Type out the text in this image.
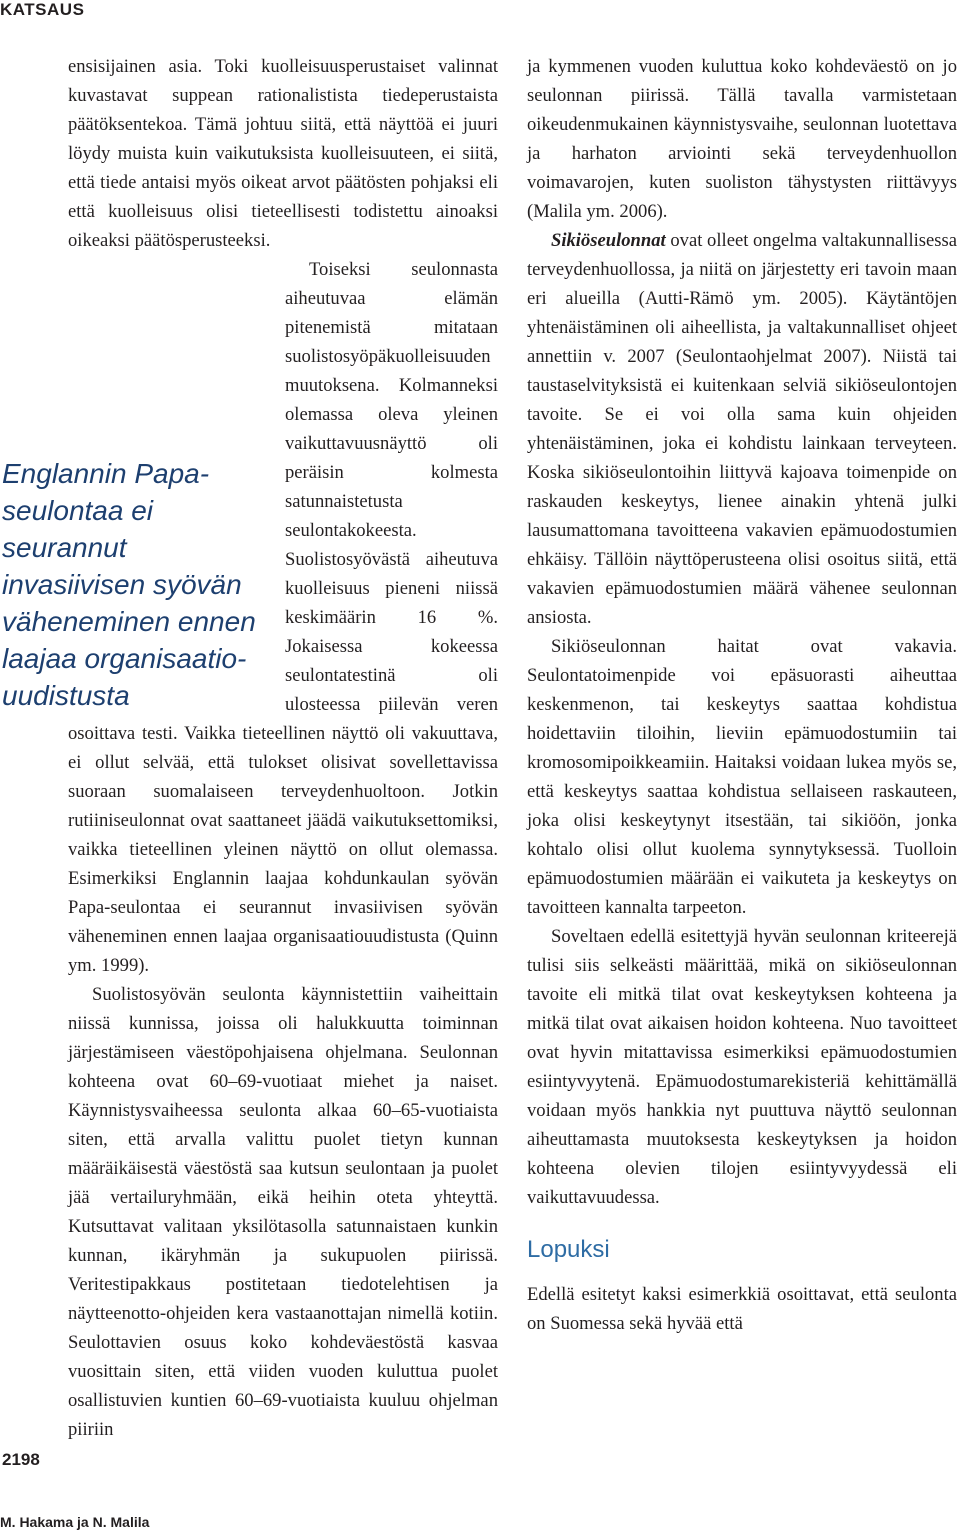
KATSAUS

ensisijainen asia. Toki kuolleisuusperustaiset valinnat kuvastavat suppean rationalistista tiedeperustaista päätöksentekoa. Tämä johtuu siitä, että näyttöä ei juuri löydy muista kuin vaikutuksista kuolleisuuteen, ei siitä, että tiede antaisi myös oikeat arvot päätösten pohjaksi eli että kuolleisuus olisi tieteellisesti todistettu ainoaksi oikeaksi päätösperusteeksi.

Toiseksi seulonnasta aiheutuvaa elämän pitenemistä mitataan suolistosyöpäkuolleisuuden muutoksena. Kolmanneksi olemassa oleva yleinen vaikuttavuusnäyttö oli peräisin kolmesta satunnaistetusta seulontakokeesta. Suolistosyövästä aiheutuva kuolleisuus pieneni niissä keskimäärin 16 %. Jokaisessa kokeessa seulontatestinä oli ulosteessa piilevän veren osoittava testi. Vaikka tieteellinen näyttö oli vakuuttava, ei ollut selvää, että tulokset olisivat sovellettavissa suoraan suomalaiseen terveydenhuoltoon. Jotkin rutiiniseulonnat ovat saattaneet jäädä vaikutuksettomiksi, vaikka tieteellinen yleinen näyttö on ollut olemassa. Esimerkiksi Englannin laajaa kohdunkaulan syövän Papa-seulontaa ei seurannut invasiivisen syövän väheneminen ennen laajaa organisaatiouudistusta (Quinn ym. 1999).

Suolistosyövän seulonta käynnistettiin vaiheittain niissä kunnissa, joissa oli halukkuutta toiminnan järjestämiseen väestöpohjaisena ohjelmana. Seulonnan kohteena ovat 60–69-vuotiaat miehet ja naiset. Käynnistysvaiheessa seulonta alkaa 60–65-vuotiaista siten, että arvalla valittu puolet tietyn kunnan määräikäisestä väestöstä saa kutsun seulontaan ja puolet jää vertailuryhmään, eikä heihin oteta yhteyttä. Kutsuttavat valitaan yksilötasolla satunnaistaen kunkin kunnan, ikäryhmän ja sukupuolen piirissä. Veritestipakkaus postitetaan tiedotelehtisen ja näytteenotto-ohjeiden kera vastaanottajan nimellä kotiin. Seulottavien osuus koko kohdeväestöstä kasvaa vuosittain siten, että viiden vuoden kuluttua puolet osallistuvien kuntien 60–69-vuotiaista kuuluu ohjelman piiriin

Englannin Papa-seulontaa ei seurannut invasiivisen syövän väheneminen ennen laajaa organisaatio-uudistusta

ja kymmenen vuoden kuluttua koko kohdeväestö on jo seulonnan piirissä. Tällä tavalla varmistetaan oikeudenmukainen käynnistysvaihe, seulonnan luotettava ja harhaton arviointi sekä terveydenhuollon voimavarojen, kuten suoliston tähystysten riittävyys (Malila ym. 2006).

Sikiöseulonnat ovat olleet ongelma valtakunnallisessa terveydenhuollossa, ja niitä on järjestetty eri tavoin maan eri alueilla (Autti-Rämö ym. 2005). Käytäntöjen yhtenäistäminen oli aiheellista, ja valtakunnalliset ohjeet annettiin v. 2007 (Seulontaohjelmat 2007). Niistä tai taustaselvityksistä ei kuitenkaan selviä sikiöseulontojen tavoite. Se ei voi olla sama kuin ohjeiden yhtenäistäminen, joka ei kohdistu lainkaan terveyteen. Koska sikiöseulontoihin liittyvä kajoava toimenpide on raskauden keskeytys, lienee ainakin yhtenä julki lausumattomana tavoitteena vakavien epämuodostumien ehkäisy. Tällöin näyttöperusteena olisi osoitus siitä, että vakavien epämuodostumien määrä vähenee seulonnan ansiosta.

Sikiöseulonnan haitat ovat vakavia. Seulontatoimenpide voi epäsuorasti aiheuttaa keskenmenon, tai keskeytys saattaa kohdistua hoidettaviin tiloihin, lieviin epämuodostumiin tai kromosomipoikkeamiin. Haitaksi voidaan lukea myös se, että keskeytys saattaa kohdistua sellaiseen raskauteen, joka olisi keskeytynyt itsestään, tai sikiöön, jonka kohtalo olisi ollut kuolema synnytyksessä. Tuolloin epämuodostumien määrään ei vaikuteta ja keskeytys on tavoitteen kannalta tarpeeton.

Soveltaen edellä esitettyjä hyvän seulonnan kriteerejä tulisi siis selkeästi määrittää, mikä on sikiöseulonnan tavoite eli mitkä tilat ovat keskeytyksen kohteena ja mitkä tilat ovat aikaisen hoidon kohteena. Nuo tavoitteet ovat hyvin mitattavissa esimerkiksi epämuodostumien esiintyvyytenä. Epämuodostumarekisteriä kehittämällä voidaan myös hankkia nyt puuttuva näyttö seulonnan aiheuttamasta muutoksesta keskeytyksen ja hoidon kohteena olevien tilojen esiintyvyydessä eli vaikuttavuudessa.

Lopuksi

Edellä esitetyt kaksi esimerkkiä osoittavat, että seulonta on Suomessa sekä hyvää että

2198
M. Hakama ja N. Malila
